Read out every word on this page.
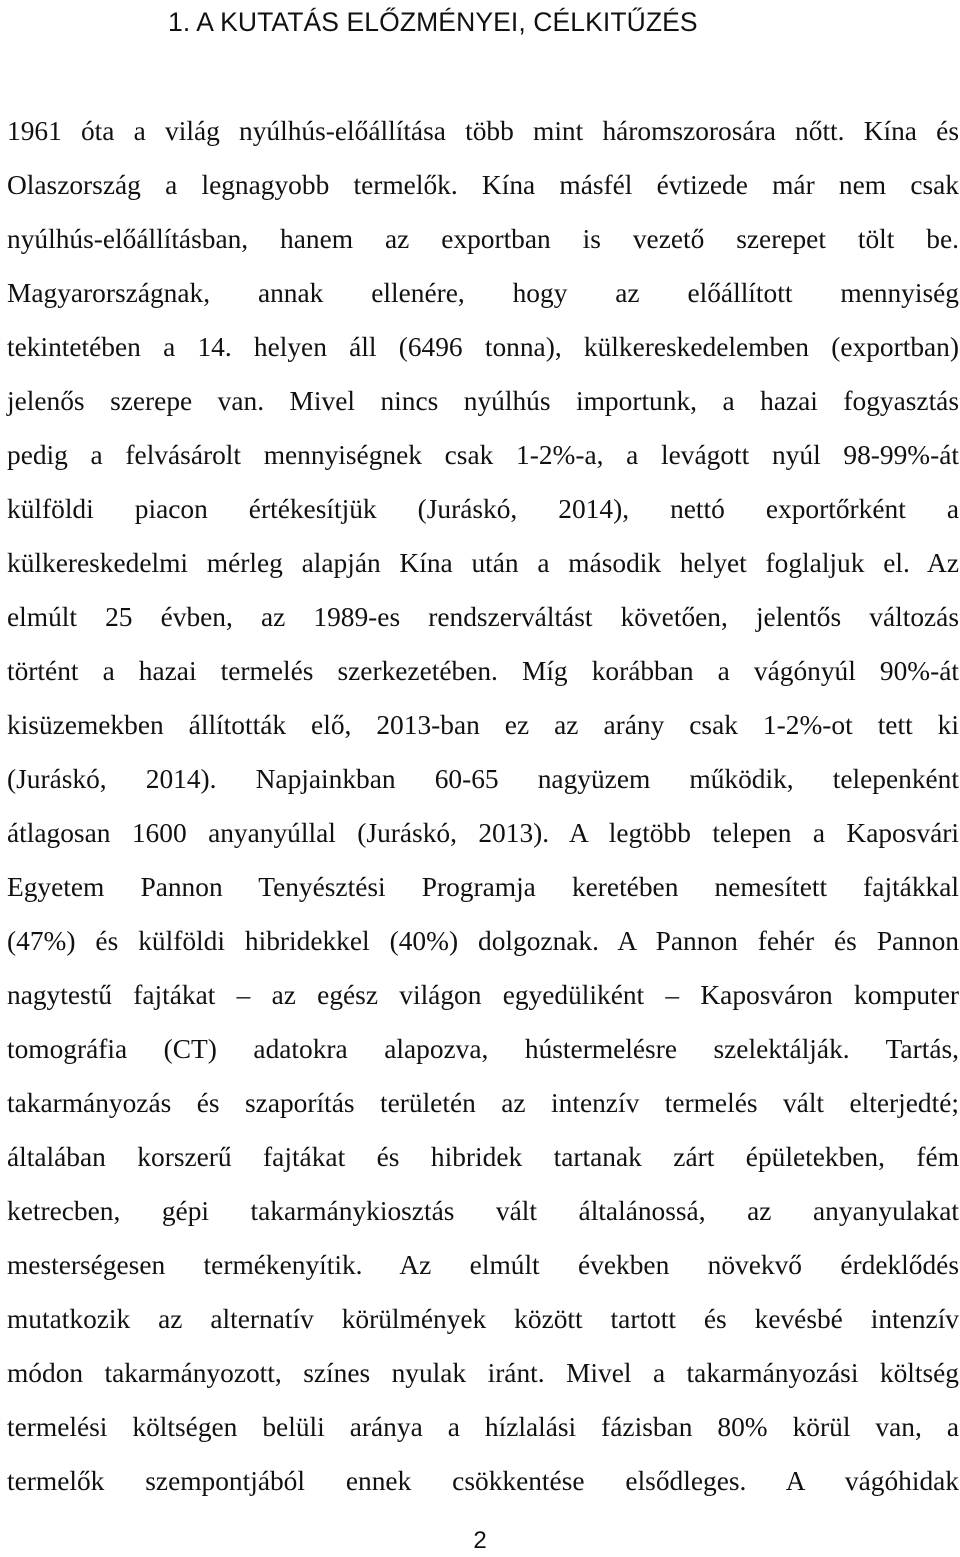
1. A KUTATÁS ELŐZMÉNYEI, CÉLKITŰZÉS
1961 óta a világ nyúlhús-előállítása több mint háromszorosára nőtt. Kína és
Olaszország a legnagyobb termelők. Kína másfél évtizede már nem csak
nyúlhús-előállításban, hanem az exportban is vezető szerepet tölt be.
Magyarországnak, annak ellenére, hogy az előállított mennyiség
tekintetében a 14. helyen áll (6496 tonna), külkereskedelemben (exportban)
jelenős szerepe van. Mivel nincs nyúlhús importunk, a hazai fogyasztás
pedig a felvásárolt mennyiségnek csak 1-2%-a, a levágott nyúl 98-99%-át
külföldi piacon értékesítjük (Juráskó, 2014), nettó exportőrként a
külkereskedelmi mérleg alapján Kína után a második helyet foglaljuk el. Az
elmúlt 25 évben, az 1989-es rendszerváltást követően, jelentős változás
történt a hazai termelés szerkezetében. Míg korábban a vágónyúl 90%-át
kisüzemekben állították elő, 2013-ban ez az arány csak 1-2%-ot tett ki
(Juráskó, 2014). Napjainkban 60-65 nagyüzem működik, telepenként
átlagosan 1600 anyanyúllal (Juráskó, 2013). A legtöbb telepen a Kaposvári
Egyetem Pannon Tenyésztési Programja keretében nemesített fajtákkal
(47%) és külföldi hibridekkel (40%) dolgoznak. A Pannon fehér és Pannon
nagytestű fajtákat – az egész világon egyedüliként – Kaposváron komputer
tomográfia (CT) adatokra alapozva, hústermelésre szelektálják. Tartás,
takarmányozás és szaporítás területén az intenzív termelés vált elterjedté;
általában korszerű fajtákat és hibridek tartanak zárt épületekben, fém
ketrecben, gépi takarmánykiosztás vált általánossá, az anyanyulakat
mesterségesen termékenyítik. Az elmúlt években növekvő érdeklődés
mutatkozik az alternatív körülmények között tartott és kevésbé intenzív
módon takarmányozott, színes nyulak iránt. Mivel a takarmányozási költség
termelési költségen belüli aránya a hízlalási fázisban 80% körül van, a
termelők szempontjából ennek csökkentése elsődleges. A vágóhidak
2
